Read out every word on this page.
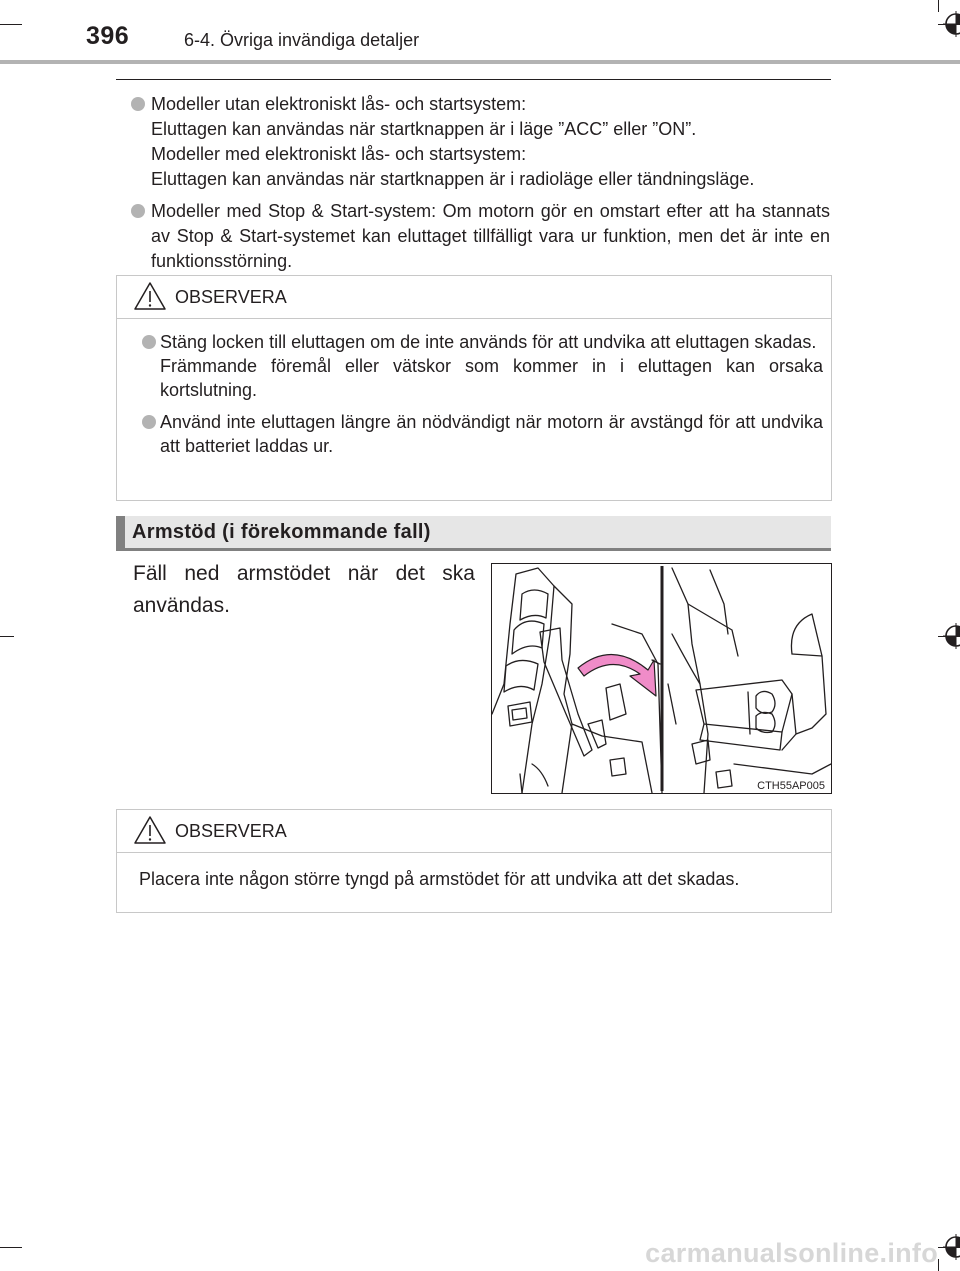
396	6-4. Övriga invändiga detaljer
Modeller utan elektroniskt lås- och startsystem:
Eluttagen kan användas när startknappen är i läge ”ACC” eller ”ON”.
Modeller med elektroniskt lås- och startsystem:
Eluttagen kan användas när startknappen är i radioläge eller tändningsläge.
Modeller med Stop & Start-system: Om motorn gör en omstart efter att ha stannats av Stop & Start-systemet kan eluttaget tillfälligt vara ur funktion, men det är inte en funktionsstörning.
OBSERVERA
Stäng locken till eluttagen om de inte används för att undvika att eluttagen skadas.
Främmande föremål eller vätskor som kommer in i eluttagen kan orsaka kortslutning.
Använd inte eluttagen längre än nödvändigt när motorn är avstängd för att undvika att batteriet laddas ur.
Armstöd (i förekommande fall)
Fäll ned armstödet när det ska användas.
CTH55AP005
OBSERVERA
Placera inte någon större tyngd på armstödet för att undvika att det skadas.
carmanualsonline.info
